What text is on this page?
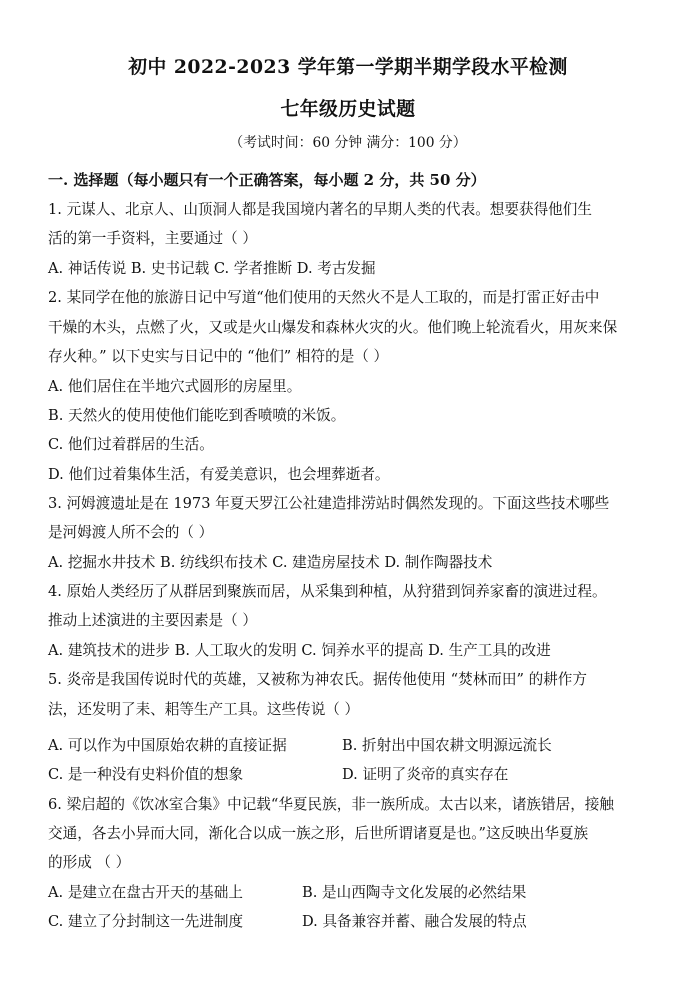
初中 2022-2023 学年第一学期半期学段水平检测
七年级历史试题
（考试时间：60 分钟 满分：100 分）
一. 选择题（每小题只有一个正确答案，每小题 2 分，共 50 分）
1. 元谋人、北京人、山顶洞人都是我国境内著名的早期人类的代表。想要获得他们生
活的第一手资料，主要通过（ ）
A. 神话传说 B. 史书记载 C. 学者推断 D. 考古发掘
2. 某同学在他的旅游日记中写道“他们使用的天然火不是人工取的，而是打雷正好击中
干燥的木头，点燃了火，又或是火山爆发和森林火灾的火。他们晚上轮流看火，用灰来保
存火种。” 以下史实与日记中的 “他们” 相符的是（ ）
A. 他们居住在半地穴式圆形的房屋里。
B. 天然火的使用使他们能吃到香喷喷的米饭。
C. 他们过着群居的生活。
D. 他们过着集体生活，有爱美意识，也会埋葬逝者。
3. 河姆渡遗址是在 1973 年夏天罗江公社建造排涝站时偶然发现的。下面这些技术哪些
是河姆渡人所不会的（ ）
A. 挖掘水井技术 B. 纺线织布技术 C. 建造房屋技术 D. 制作陶器技术
4. 原始人类经历了从群居到聚族而居，从采集到种植，从狩猎到饲养家畜的演进过程。
推动上述演进的主要因素是（ ）
A. 建筑技术的进步 B. 人工取火的发明 C. 饲养水平的提高 D. 生产工具的改进
5. 炎帝是我国传说时代的英雄，又被称为神农氏。据传他使用 “焚林而田” 的耕作方
法，还发明了耒、耜等生产工具。这些传说（ ）
A. 可以作为中国原始农耕的直接证据	B. 折射出中国农耕文明源远流长
C. 是一种没有史料价值的想象	D. 证明了炎帝的真实存在
6. 梁启超的《饮冰室合集》中记载“华夏民族，非一族所成。太古以来，诸族错居，接触
交通，各去小异而大同，渐化合以成一族之形，后世所谓诸夏是也。”这反映出华夏族
的形成 （ ）
A. 是建立在盘古开天的基础上	B. 是山西陶寺文化发展的必然结果
C. 建立了分封制这一先进制度	D. 具备兼容并蓄、融合发展的特点
